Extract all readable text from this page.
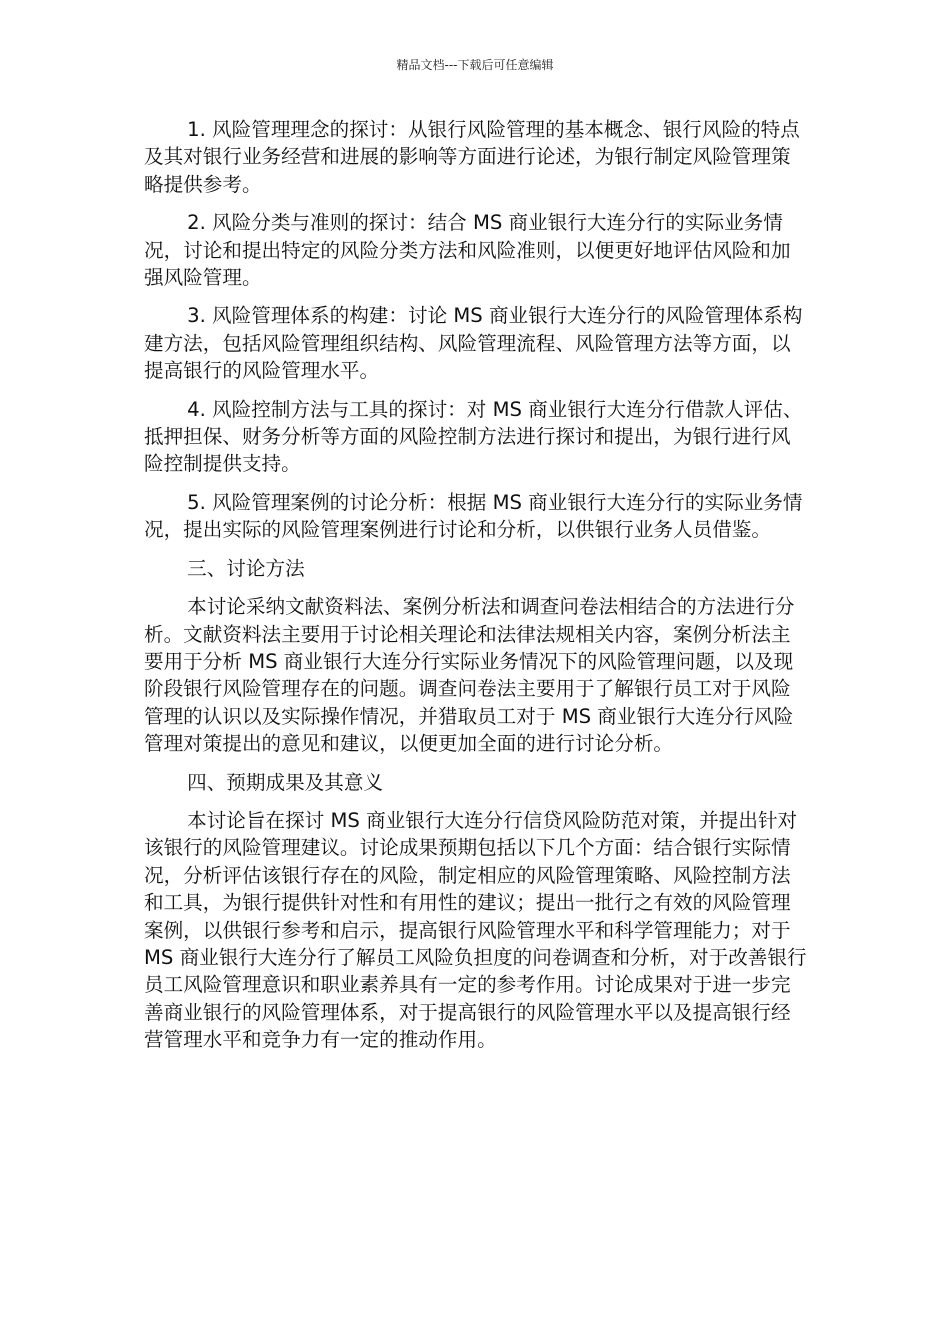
精品文档---下载后可任意编辑

1. 风险管理理念的探讨：从银行风险管理的基本概念、银行风险的特点及其对银行业务经营和进展的影响等方面进行论述，为银行制定风险管理策略提供参考。

2. 风险分类与准则的探讨：结合 MS 商业银行大连分行的实际业务情况，讨论和提出特定的风险分类方法和风险准则，以便更好地评估风险和加强风险管理。

3. 风险管理体系的构建：讨论 MS 商业银行大连分行的风险管理体系构建方法，包括风险管理组织结构、风险管理流程、风险管理方法等方面，以提高银行的风险管理水平。

4. 风险控制方法与工具的探讨：对 MS 商业银行大连分行借款人评估、抵押担保、财务分析等方面的风险控制方法进行探讨和提出，为银行进行风险控制提供支持。

5. 风险管理案例的讨论分析：根据 MS 商业银行大连分行的实际业务情况，提出实际的风险管理案例进行讨论和分析，以供银行业务人员借鉴。

三、讨论方法

本讨论采纳文献资料法、案例分析法和调查问卷法相结合的方法进行分析。文献资料法主要用于讨论相关理论和法律法规相关内容，案例分析法主要用于分析 MS 商业银行大连分行实际业务情况下的风险管理问题，以及现阶段银行风险管理存在的问题。调查问卷法主要用于了解银行员工对于风险管理的认识以及实际操作情况，并猎取员工对于 MS 商业银行大连分行风险管理对策提出的意见和建议，以便更加全面的进行讨论分析。

四、预期成果及其意义

本讨论旨在探讨 MS 商业银行大连分行信贷风险防范对策，并提出针对该银行的风险管理建议。讨论成果预期包括以下几个方面：结合银行实际情况，分析评估该银行存在的风险，制定相应的风险管理策略、风险控制方法和工具，为银行提供针对性和有用性的建议；提出一批行之有效的风险管理案例，以供银行参考和启示，提高银行风险管理水平和科学管理能力；对于 MS 商业银行大连分行了解员工风险负担度的问卷调查和分析，对于改善银行员工风险管理意识和职业素养具有一定的参考作用。讨论成果对于进一步完善商业银行的风险管理体系，对于提高银行的风险管理水平以及提高银行经营管理水平和竞争力有一定的推动作用。
